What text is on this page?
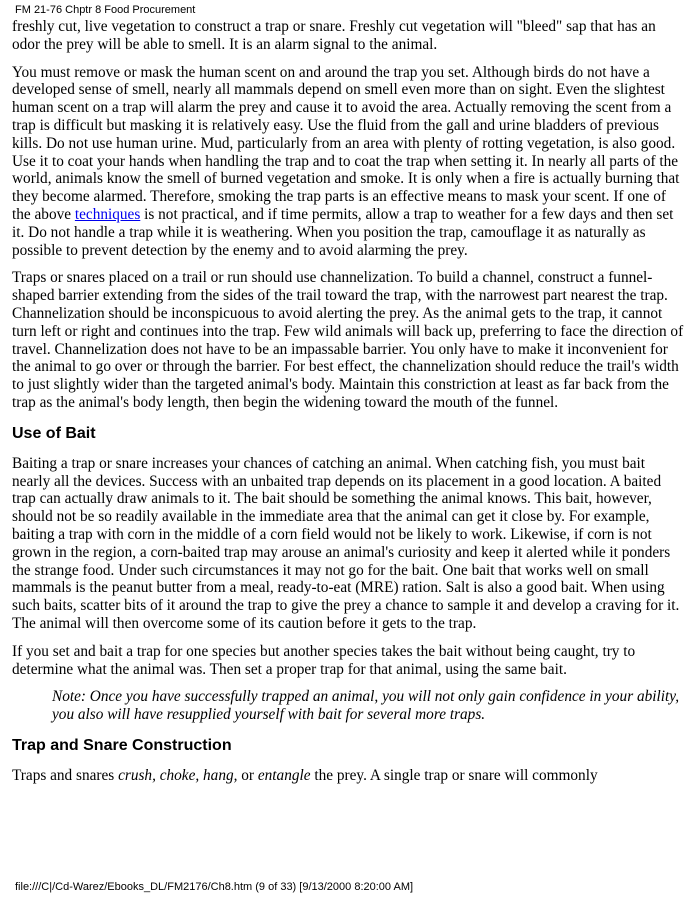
FM 21-76 Chptr 8 Food Procurement

freshly cut, live vegetation to construct a trap or snare. Freshly cut vegetation will "bleed" sap that has an odor the prey will be able to smell. It is an alarm signal to the animal.

You must remove or mask the human scent on and around the trap you set. Although birds do not have a developed sense of smell, nearly all mammals depend on smell even more than on sight. Even the slightest human scent on a trap will alarm the prey and cause it to avoid the area. Actually removing the scent from a trap is difficult but masking it is relatively easy. Use the fluid from the gall and urine bladders of previous kills. Do not use human urine. Mud, particularly from an area with plenty of rotting vegetation, is also good. Use it to coat your hands when handling the trap and to coat the trap when setting it. In nearly all parts of the world, animals know the smell of burned vegetation and smoke. It is only when a fire is actually burning that they become alarmed. Therefore, smoking the trap parts is an effective means to mask your scent. If one of the above techniques is not practical, and if time permits, allow a trap to weather for a few days and then set it. Do not handle a trap while it is weathering. When you position the trap, camouflage it as naturally as possible to prevent detection by the enemy and to avoid alarming the prey.

Traps or snares placed on a trail or run should use channelization. To build a channel, construct a funnel-shaped barrier extending from the sides of the trail toward the trap, with the narrowest part nearest the trap. Channelization should be inconspicuous to avoid alerting the prey. As the animal gets to the trap, it cannot turn left or right and continues into the trap. Few wild animals will back up, preferring to face the direction of travel. Channelization does not have to be an impassable barrier. You only have to make it inconvenient for the animal to go over or through the barrier. For best effect, the channelization should reduce the trail's width to just slightly wider than the targeted animal's body. Maintain this constriction at least as far back from the trap as the animal's body length, then begin the widening toward the mouth of the funnel.

Use of Bait

Baiting a trap or snare increases your chances of catching an animal. When catching fish, you must bait nearly all the devices. Success with an unbaited trap depends on its placement in a good location. A baited trap can actually draw animals to it. The bait should be something the animal knows. This bait, however, should not be so readily available in the immediate area that the animal can get it close by. For example, baiting a trap with corn in the middle of a corn field would not be likely to work. Likewise, if corn is not grown in the region, a corn-baited trap may arouse an animal's curiosity and keep it alerted while it ponders the strange food. Under such circumstances it may not go for the bait. One bait that works well on small mammals is the peanut butter from a meal, ready-to-eat (MRE) ration. Salt is also a good bait. When using such baits, scatter bits of it around the trap to give the prey a chance to sample it and develop a craving for it. The animal will then overcome some of its caution before it gets to the trap.

If you set and bait a trap for one species but another species takes the bait without being caught, try to determine what the animal was. Then set a proper trap for that animal, using the same bait.

Note: Once you have successfully trapped an animal, you will not only gain confidence in your ability, you also will have resupplied yourself with bait for several more traps.

Trap and Snare Construction

Traps and snares crush, choke, hang, or entangle the prey. A single trap or snare will commonly

file:///C|/Cd-Warez/Ebooks_DL/FM2176/Ch8.htm (9 of 33) [9/13/2000 8:20:00 AM]
